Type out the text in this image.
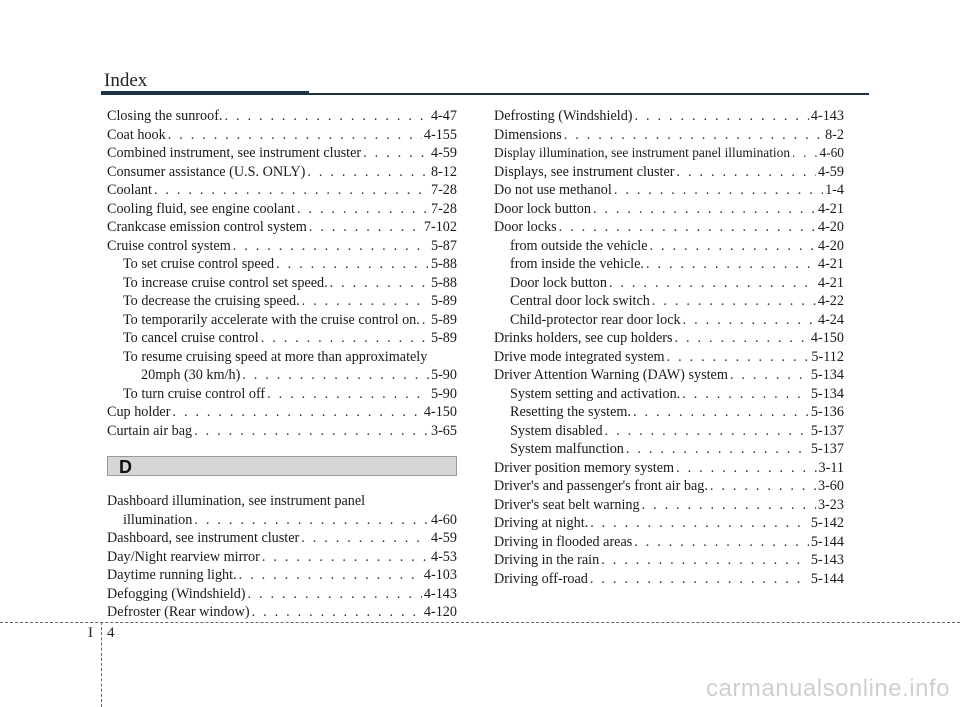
Index
Closing the sunroof. . . .	4-47
Coat hook . . .	4-155
Combined instrument, see instrument cluster . . .	4-59
Consumer assistance (U.S. ONLY) . . .	8-12
Coolant . . .	7-28
Cooling fluid, see engine coolant . . .	7-28
Crankcase emission control system . . .	7-102
Cruise control system . . .	5-87
To set cruise control speed . . .	5-88
To increase cruise control set speed. . . .	5-88
To decrease the cruising speed. . . .	5-89
To temporarily accelerate with the cruise control on. . . . 5-89
To cancel cruise control . . .	5-89
To resume cruising speed at more than approximately
20mph (30 km/h) . . .	5-90
To turn cruise control off . . .	5-90
Cup holder . . .	4-150
Curtain air bag . . .	3-65
D
Dashboard illumination, see instrument panel
illumination . . .	4-60
Dashboard, see instrument cluster . . .	4-59
Day/Night rearview mirror . . .	4-53
Daytime running light. . . .	4-103
Defogging (Windshield) . . .	4-143
Defroster (Rear window) . . .	4-120
Defrosting (Windshield) . . .	4-143
Dimensions . . .	8-2
Display illumination, see instrument panel illumination . . . 4-60
Displays, see instrument cluster . . .	4-59
Do not use methanol . . .	1-4
Door lock button . . .	4-21
Door locks . . .	4-20
from outside the vehicle . . .	4-20
from inside the vehicle. . . .	4-21
Door lock button . . .	4-21
Central door lock switch . . .	4-22
Child-protector rear door lock . . .	4-24
Drinks holders, see cup holders . . .	4-150
Drive mode integrated system . . .	5-112
Driver Attention Warning (DAW) system . . .	5-134
System setting and activation. . . .	5-134
Resetting the system. . . .	5-136
System disabled . . .	5-137
System malfunction . . .	5-137
Driver position memory system . . .	3-11
Driver's and passenger's front air bag. . . .	3-60
Driver's seat belt warning . . .	3-23
Driving at night. . . .	5-142
Driving in flooded areas . . .	5-144
Driving in the rain . . .	5-143
Driving off-road . . .	5-144
I 4
carmanualsonline.info
